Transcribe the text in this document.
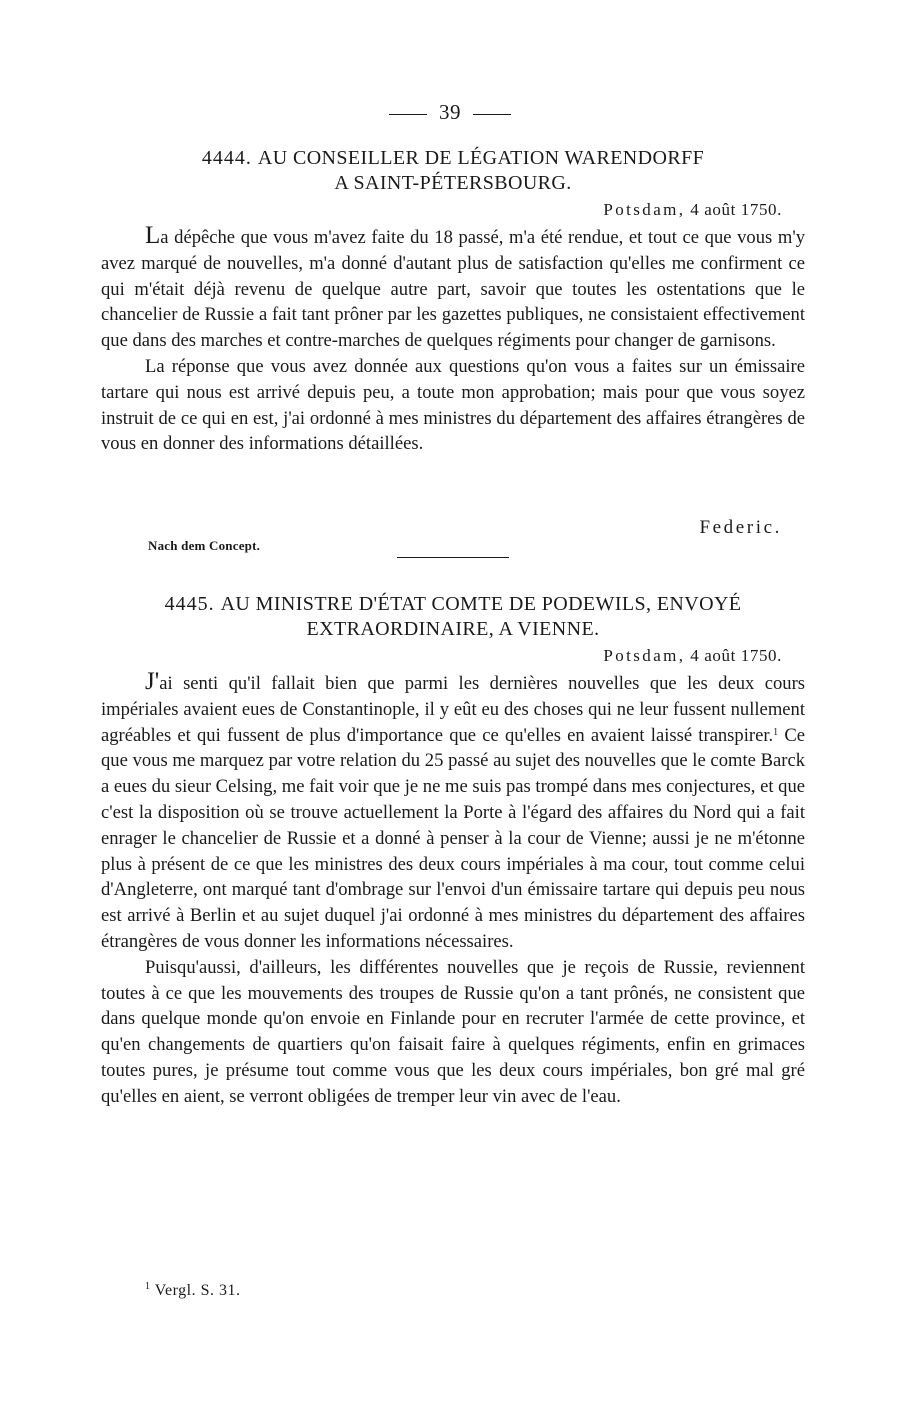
39
4444. AU CONSEILLER DE LÉGATION WARENDORFF
A SAINT-PÉTERSBOURG.
Potsdam, 4 août 1750.

La dépêche que vous m'avez faite du 18 passé, m'a été rendue, et tout ce que vous m'y avez marqué de nouvelles, m'a donné d'autant plus de satisfaction qu'elles me confirment ce qui m'était déjà revenu de quelque autre part, savoir que toutes les ostentations que le chancelier de Russie a fait tant prôner par les gazettes publiques, ne consistaient effectivement que dans des marches et contre-marches de quelques régiments pour changer de garnisons.

La réponse que vous avez donnée aux questions qu'on vous a faites sur un émissaire tartare qui nous est arrivé depuis peu, a toute mon approbation; mais pour que vous soyez instruit de ce qui en est, j'ai ordonné à mes ministres du département des affaires étrangères de vous en donner des informations détaillées.

Federic.
Nach dem Concept.
4445. AU MINISTRE D'ÉTAT COMTE DE PODEWILS, ENVOYÉ
EXTRAORDINAIRE, A VIENNE.
Potsdam, 4 août 1750.

J'ai senti qu'il fallait bien que parmi les dernières nouvelles que les deux cours impériales avaient eues de Constantinople, il y eût eu des choses qui ne leur fussent nullement agréables et qui fussent de plus d'importance que ce qu'elles en avaient laissé transpirer.$^1$ Ce que vous me marquez par votre relation du 25 passé au sujet des nouvelles que le comte Barck a eues du sieur Celsing, me fait voir que je ne me suis pas trompé dans mes conjectures, et que c'est la disposition où se trouve actuellement la Porte à l'égard des affaires du Nord qui a fait enrager le chancelier de Russie et a donné à penser à la cour de Vienne; aussi je ne m'étonne plus à présent de ce que les ministres des deux cours impériales à ma cour, tout comme celui d'Angleterre, ont marqué tant d'ombrage sur l'envoi d'un émissaire tartare qui depuis peu nous est arrivé à Berlin et au sujet duquel j'ai ordonné à mes ministres du département des affaires étrangères de vous donner les informations nécessaires.

Puisqu'aussi, d'ailleurs, les différentes nouvelles que je reçois de Russie, reviennent toutes à ce que les mouvements des troupes de Russie qu'on a tant prônés, ne consistent que dans quelque monde qu'on envoie en Finlande pour en recruter l'armée de cette province, et qu'en changements de quartiers qu'on faisait faire à quelques régiments, enfin en grimaces toutes pures, je présume tout comme vous que les deux cours impériales, bon gré mal gré qu'elles en aient, se verront obligées de tremper leur vin avec de l'eau.

$^1$ Vergl. S. 31.
